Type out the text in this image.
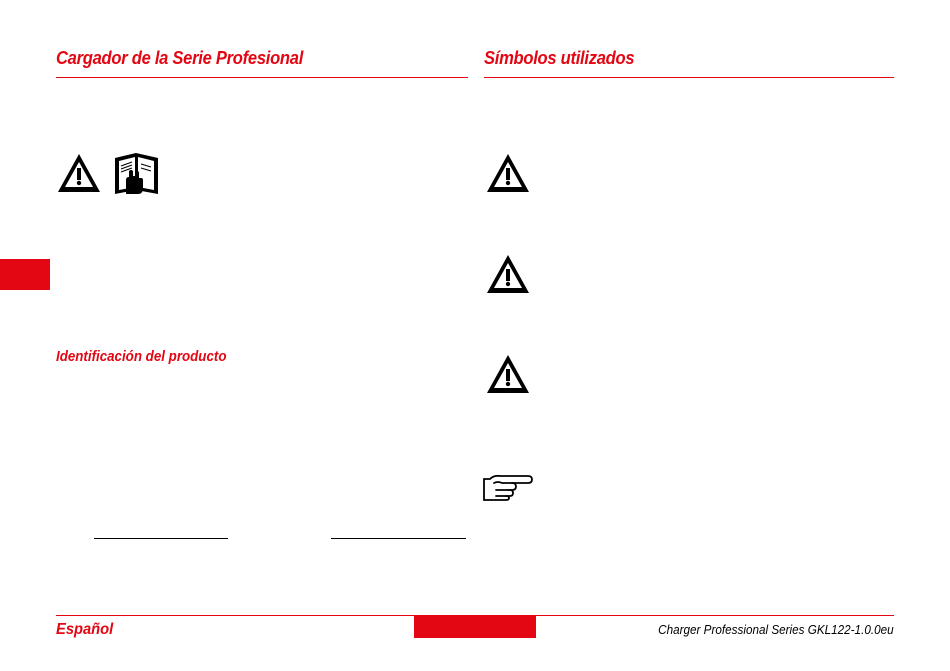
Cargador de la Serie Profesional	Símbolos utilizados
Identificación del producto
Español	Charger Professional Series GKL122-1.0.0eu
